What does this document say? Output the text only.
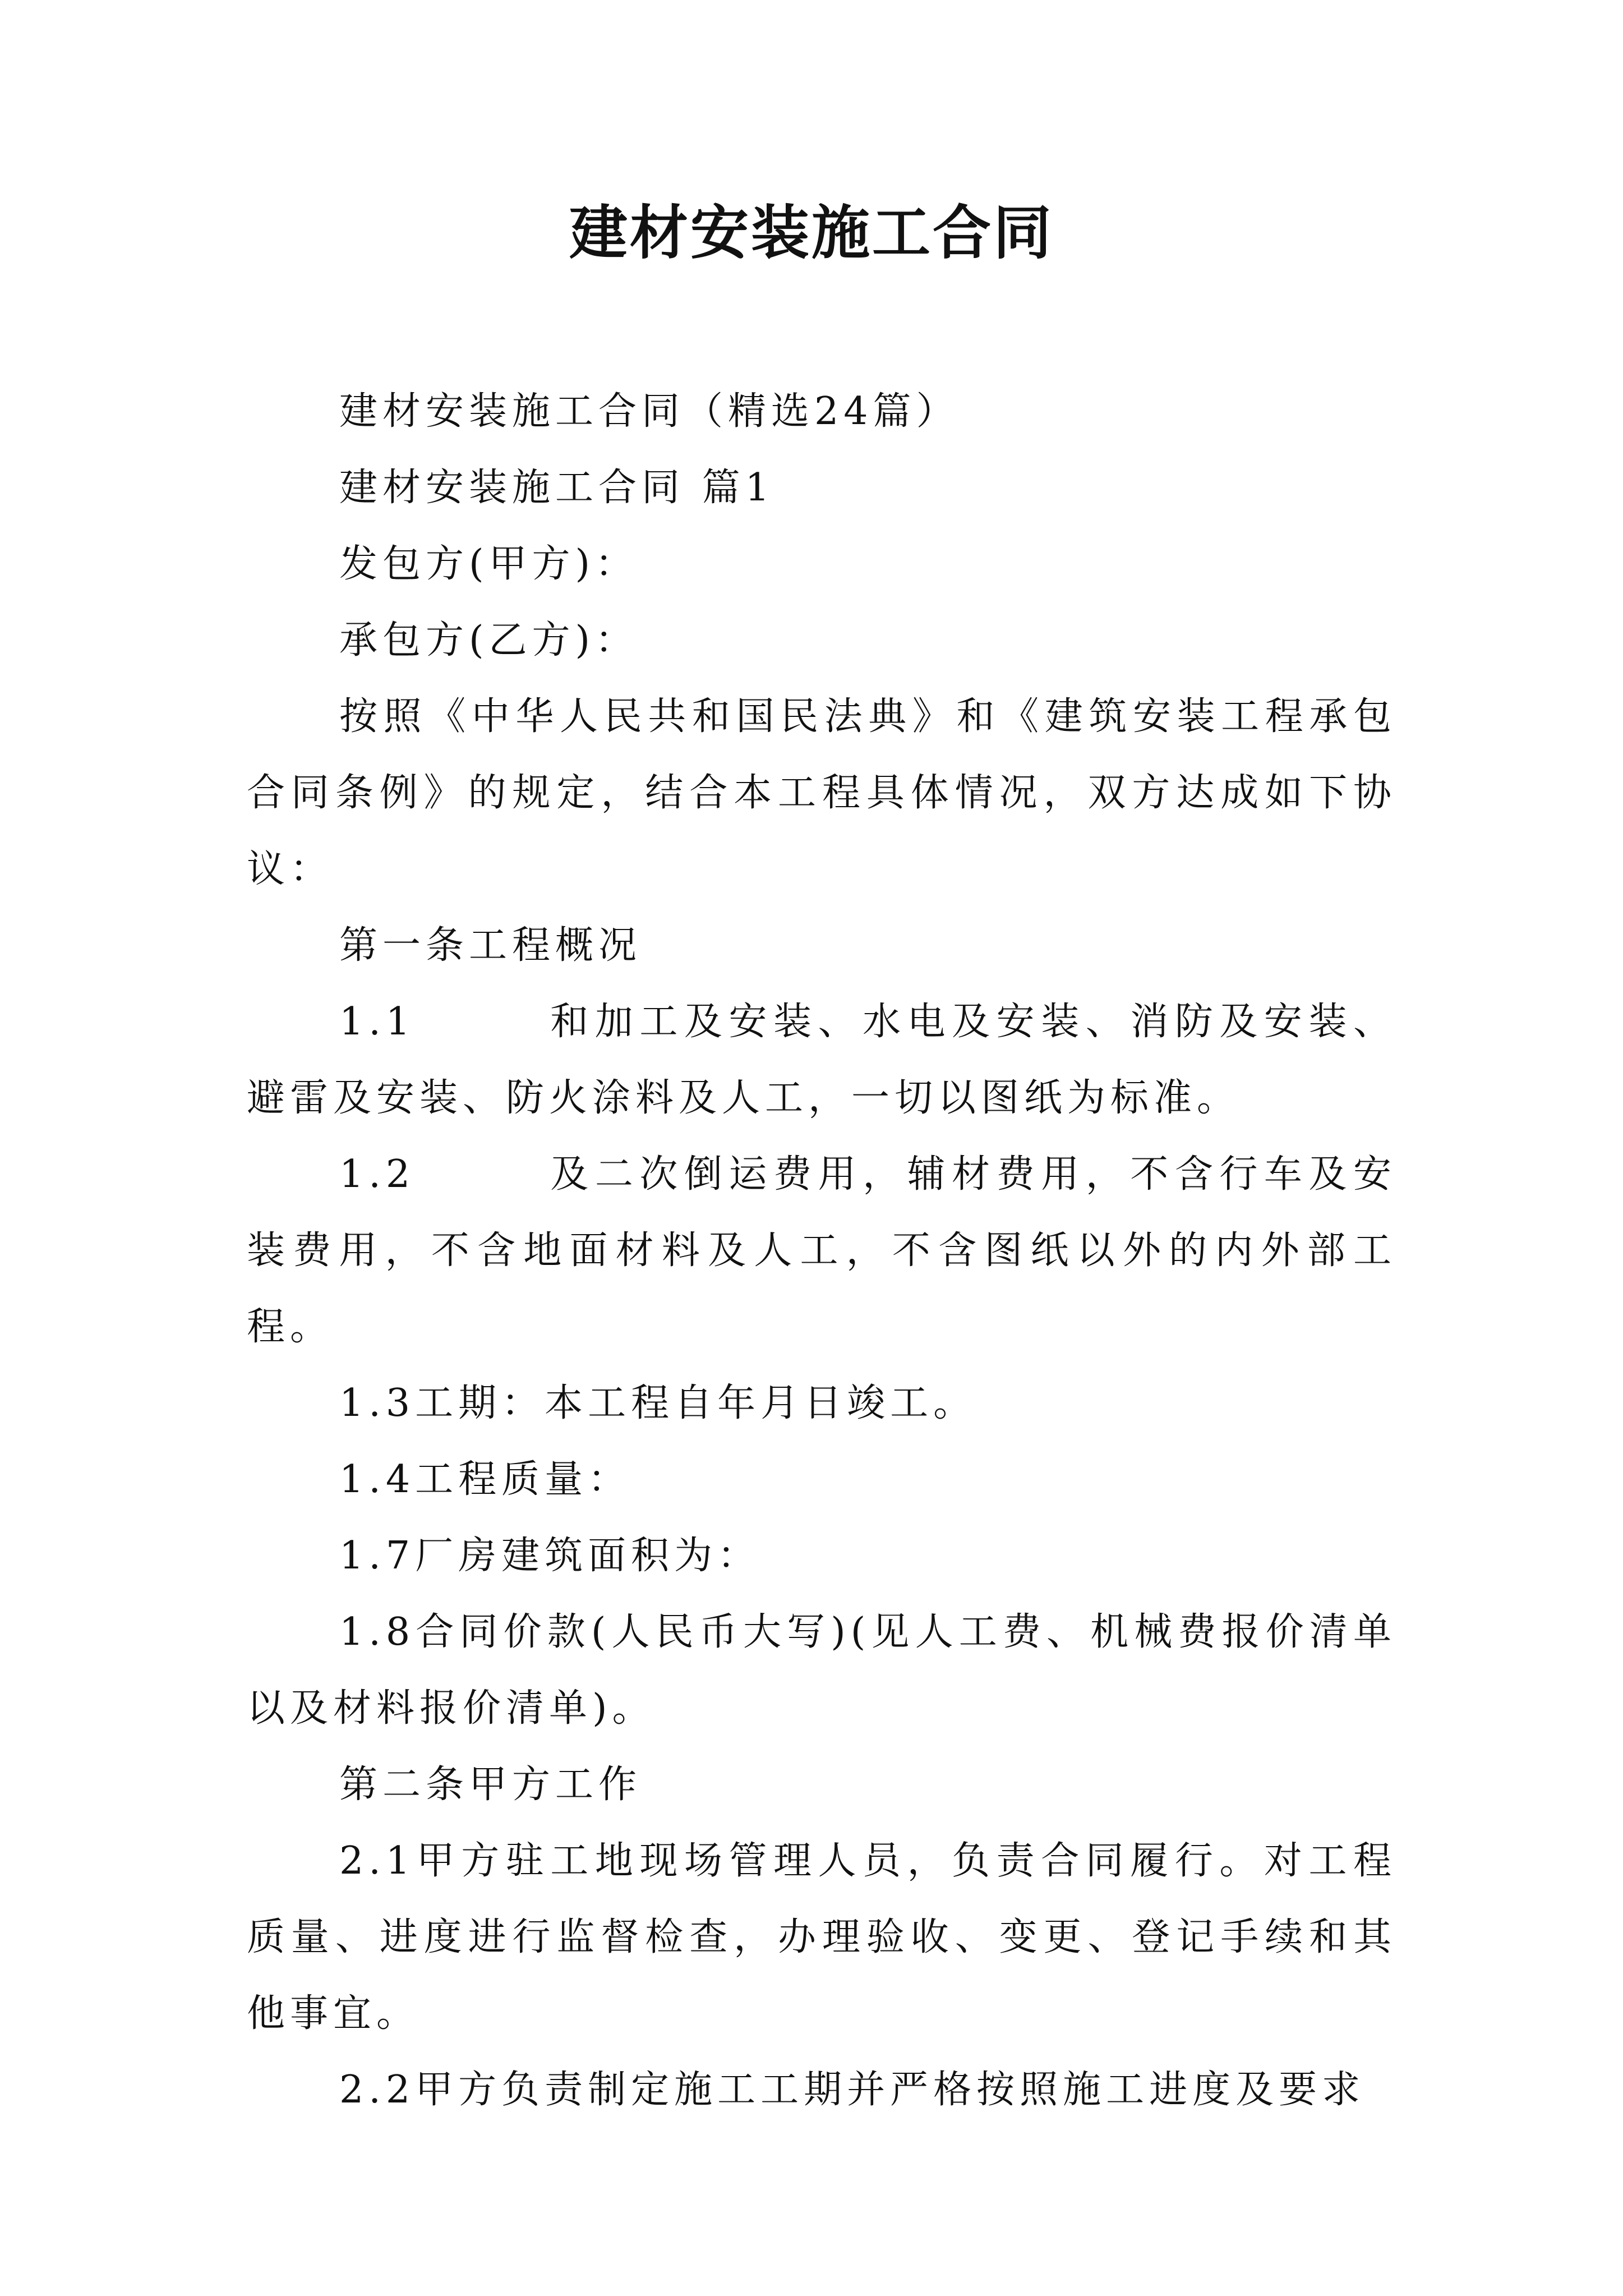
建材安装施工合同

建材安装施工合同（精选24篇）

建材安装施工合同 篇1

发包方(甲方)：

承包方(乙方)：

按照《中华人民共和国民法典》和《建筑安装工程承包合同条例》的规定，结合本工程具体情况，双方达成如下协议：

第一条工程概况

1.1　　　和加工及安装、水电及安装、消防及安装、避雷及安装、防火涂料及人工，一切以图纸为标准。

1.2　　　及二次倒运费用，辅材费用，不含行车及安装费用，不含地面材料及人工，不含图纸以外的内外部工程。

1.3工期：本工程自年月日竣工。

1.4工程质量：

1.7厂房建筑面积为：

1.8合同价款(人民币大写)(见人工费、机械费报价清单以及材料报价清单)。

第二条甲方工作

2.1甲方驻工地现场管理人员，负责合同履行。对工程质量、进度进行监督检查，办理验收、变更、登记手续和其他事宜。

2.2甲方负责制定施工工期并严格按照施工进度及要求
